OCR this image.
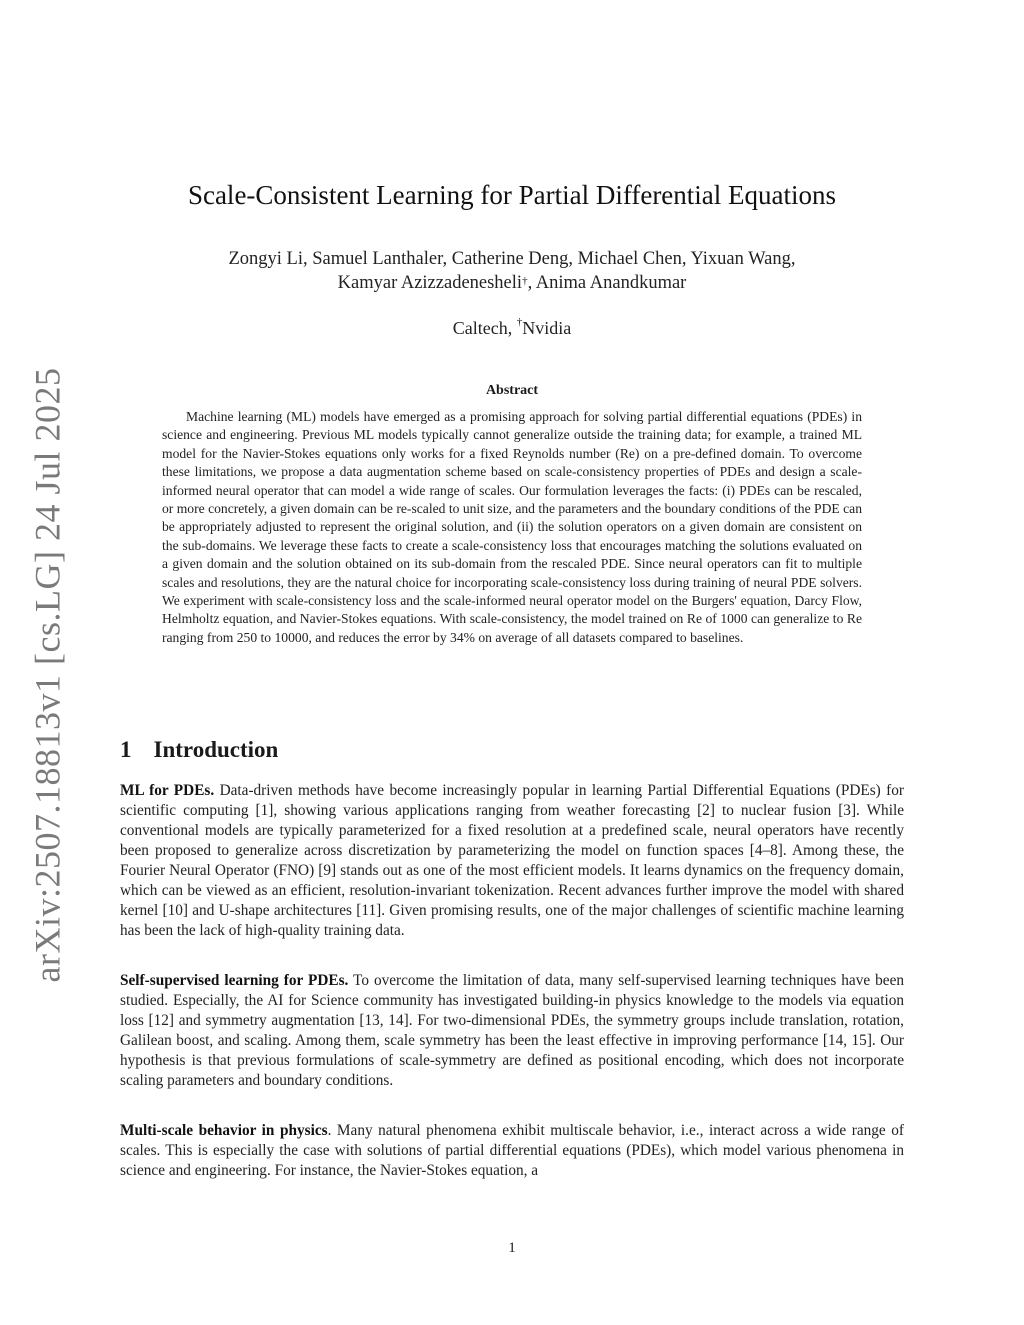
arXiv:2507.18813v1 [cs.LG] 24 Jul 2025
Scale-Consistent Learning for Partial Differential Equations
Zongyi Li, Samuel Lanthaler, Catherine Deng, Michael Chen, Yixuan Wang,
Kamyar Azizzadenesheli†, Anima Anandkumar
Caltech, †Nvidia
Abstract
Machine learning (ML) models have emerged as a promising approach for solving partial differential equations (PDEs) in science and engineering. Previous ML models typically cannot generalize outside the training data; for example, a trained ML model for the Navier-Stokes equations only works for a fixed Reynolds number (Re) on a pre-defined domain. To overcome these limitations, we propose a data augmentation scheme based on scale-consistency properties of PDEs and design a scale-informed neural operator that can model a wide range of scales. Our formulation leverages the facts: (i) PDEs can be rescaled, or more concretely, a given domain can be re-scaled to unit size, and the parameters and the boundary conditions of the PDE can be appropriately adjusted to represent the original solution, and (ii) the solution operators on a given domain are consistent on the sub-domains. We leverage these facts to create a scale-consistency loss that encourages matching the solutions evaluated on a given domain and the solution obtained on its sub-domain from the rescaled PDE. Since neural operators can fit to multiple scales and resolutions, they are the natural choice for incorporating scale-consistency loss during training of neural PDE solvers. We experiment with scale-consistency loss and the scale-informed neural operator model on the Burgers' equation, Darcy Flow, Helmholtz equation, and Navier-Stokes equations. With scale-consistency, the model trained on Re of 1000 can generalize to Re ranging from 250 to 10000, and reduces the error by 34% on average of all datasets compared to baselines.
1 Introduction
ML for PDEs. Data-driven methods have become increasingly popular in learning Partial Differential Equations (PDEs) for scientific computing [1], showing various applications ranging from weather forecasting [2] to nuclear fusion [3]. While conventional models are typically parameterized for a fixed resolution at a predefined scale, neural operators have recently been proposed to generalize across discretization by parameterizing the model on function spaces [4–8]. Among these, the Fourier Neural Operator (FNO) [9] stands out as one of the most efficient models. It learns dynamics on the frequency domain, which can be viewed as an efficient, resolution-invariant tokenization. Recent advances further improve the model with shared kernel [10] and U-shape architectures [11]. Given promising results, one of the major challenges of scientific machine learning has been the lack of high-quality training data.
Self-supervised learning for PDEs. To overcome the limitation of data, many self-supervised learning techniques have been studied. Especially, the AI for Science community has investigated building-in physics knowledge to the models via equation loss [12] and symmetry augmentation [13, 14]. For two-dimensional PDEs, the symmetry groups include translation, rotation, Galilean boost, and scaling. Among them, scale symmetry has been the least effective in improving performance [14, 15]. Our hypothesis is that previous formulations of scale-symmetry are defined as positional encoding, which does not incorporate scaling parameters and boundary conditions.
Multi-scale behavior in physics. Many natural phenomena exhibit multiscale behavior, i.e., interact across a wide range of scales. This is especially the case with solutions of partial differential equations (PDEs), which model various phenomena in science and engineering. For instance, the Navier-Stokes equation, a
1
